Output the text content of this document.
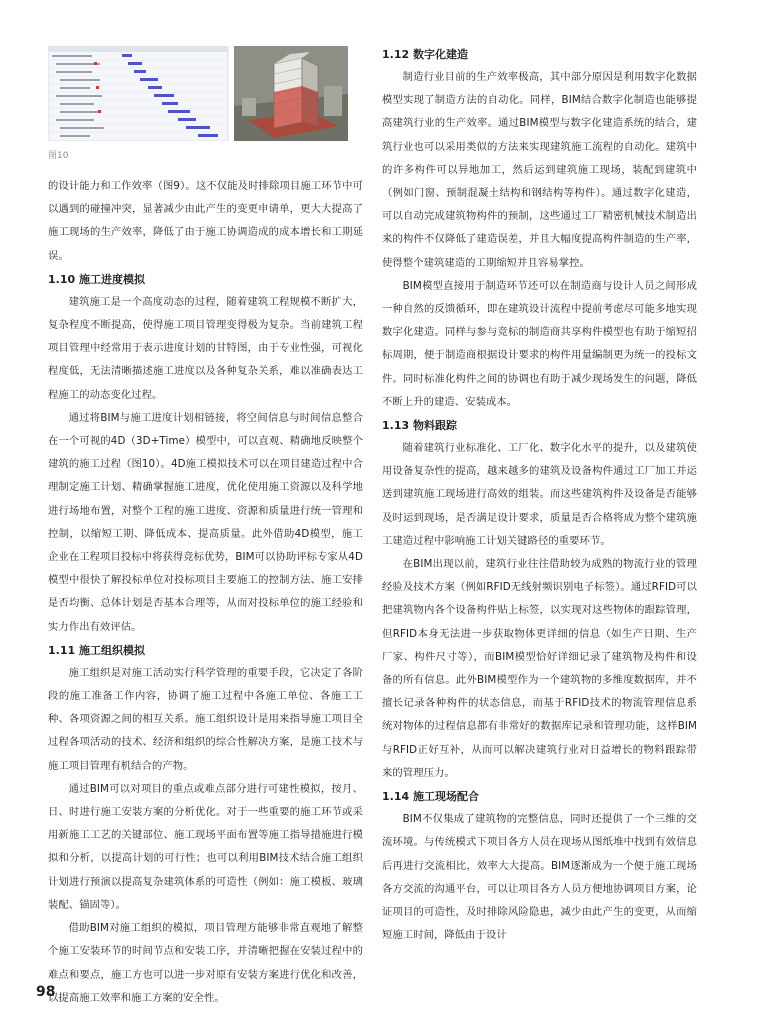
图10

的设计能力和工作效率（图9）。这不仅能及时排除项目施工环节中可以遇到的碰撞冲突，显著减少由此产生的变更申请单，更大大提高了施工现场的生产效率，降低了由于施工协调造成的成本增长和工期延误。

1.10 施工进度模拟

建筑施工是一个高度动态的过程，随着建筑工程规模不断扩大，复杂程度不断提高，使得施工项目管理变得极为复杂。当前建筑工程项目管理中经常用于表示进度计划的甘特图，由于专业性强，可视化程度低，无法清晰描述施工进度以及各种复杂关系，难以准确表达工程施工的动态变化过程。

通过将BIM与施工进度计划相链接，将空间信息与时间信息整合在一个可视的4D（3D+Time）模型中，可以直观、精确地反映整个建筑的施工过程（图10）。4D施工模拟技术可以在项目建造过程中合理制定施工计划、精确掌握施工进度，优化使用施工资源以及科学地进行场地布置，对整个工程的施工进度、资源和质量进行统一管理和控制，以缩短工期、降低成本、提高质量。此外借助4D模型，施工企业在工程项目投标中将获得竞标优势，BIM可以协助评标专家从4D模型中很快了解投标单位对投标项目主要施工的控制方法、施工安排是否均衡、总体计划是否基本合理等，从而对投标单位的施工经验和实力作出有效评估。

1.11 施工组织模拟

施工组织是对施工活动实行科学管理的重要手段，它决定了各阶段的施工准备工作内容，协调了施工过程中各施工单位、各施工工种、各项资源之间的相互关系。施工组织设计是用来指导施工项目全过程各项活动的技术、经济和组织的综合性解决方案，是施工技术与施工项目管理有机结合的产物。

通过BIM可以对项目的重点或难点部分进行可建性模拟，按月、日、时进行施工安装方案的分析优化。对于一些重要的施工环节或采用新施工工艺的关键部位、施工现场平面布置等施工指导措施进行模拟和分析，以提高计划的可行性；也可以利用BIM技术结合施工组织计划进行预演以提高复杂建筑体系的可造性（例如：施工模板、玻璃装配、锚固等）。

借助BIM对施工组织的模拟，项目管理方能够非常直观地了解整个施工安装环节的时间节点和安装工序，并清晰把握在安装过程中的难点和要点，施工方也可以进一步对原有安装方案进行优化和改善，以提高施工效率和施工方案的安全性。

1.12 数字化建造

制造行业目前的生产效率极高，其中部分原因是利用数字化数据模型实现了制造方法的自动化。同样，BIM结合数字化制造也能够提高建筑行业的生产效率。通过BIM模型与数字化建造系统的结合，建筑行业也可以采用类似的方法来实现建筑施工流程的自动化。建筑中的许多构件可以异地加工，然后运到建筑施工现场，装配到建筑中（例如门窗、预制混凝土结构和钢结构等构件）。通过数字化建造，可以自动完成建筑物构件的预制，这些通过工厂精密机械技术制造出来的构件不仅降低了建造误差，并且大幅度提高构件制造的生产率，使得整个建筑建造的工期缩短并且容易掌控。

BIM模型直接用于制造环节还可以在制造商与设计人员之间形成一种自然的反馈循环，即在建筑设计流程中提前考虑尽可能多地实现数字化建造。同样与参与竞标的制造商共享构件模型也有助于缩短招标周期，便于制造商根据设计要求的构件用量编制更为统一的投标文件。同时标准化构件之间的协调也有助于减少现场发生的问题，降低不断上升的建造、安装成本。

1.13 物料跟踪

随着建筑行业标准化、工厂化、数字化水平的提升，以及建筑使用设备复杂性的提高，越来越多的建筑及设备构件通过工厂加工并运送到建筑施工现场进行高效的组装。而这些建筑构件及设备是否能够及时运到现场，是否满足设计要求，质量是否合格将成为整个建筑施工建造过程中影响施工计划关键路径的重要环节。

在BIM出现以前，建筑行业往往借助较为成熟的物流行业的管理经验及技术方案（例如RFID无线射频识别电子标签）。通过RFID可以把建筑物内各个设备构件贴上标签，以实现对这些物体的跟踪管理，但RFID本身无法进一步获取物体更详细的信息（如生产日期、生产厂家、构件尺寸等），而BIM模型恰好详细记录了建筑物及构件和设备的所有信息。此外BIM模型作为一个建筑物的多维度数据库，并不擅长记录各种构件的状态信息，而基于RFID技术的物流管理信息系统对物体的过程信息都有非常好的数据库记录和管理功能，这样BIM与RFID正好互补，从而可以解决建筑行业对日益增长的物料跟踪带来的管理压力。

1.14 施工现场配合

BIM不仅集成了建筑物的完整信息，同时还提供了一个三维的交流环境。与传统模式下项目各方人员在现场从图纸堆中找到有效信息后再进行交流相比，效率大大提高。BIM逐渐成为一个便于施工现场各方交流的沟通平台，可以让项目各方人员方便地协调项目方案，论证项目的可造性，及时排除风险隐患，减少由此产生的变更，从而缩短施工时间，降低由于设计

98
